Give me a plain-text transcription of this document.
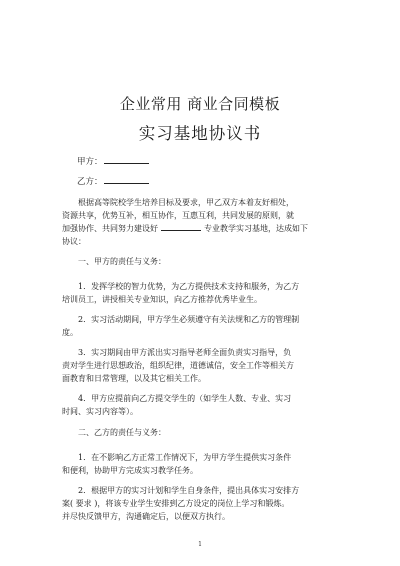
企业常用 商业合同模板
实习基地协议书
甲方：
乙方：
根据高等院校学生培养目标及要求，甲乙双方本着友好相处，
资源共享，优势互补，相互协作，互惠互利，共同发展的原则，就
加强协作、共同努力建设好	专业教学实习基地，达成如下
协议：
一、甲方的责任与义务：
1．发挥学校的智力优势，为乙方提供技术支持和服务，为乙方
培训员工，讲授相关专业知识，向乙方推荐优秀毕业生。
2．实习活动期间，甲方学生必须遵守有关法规和乙方的管理制
度。
3．实习期间由甲方派出实习指导老师全面负责实习指导，负
责对学生进行思想政治，组织纪律，道德诚信，安全工作等相关方
面教育和日常管理，以及其它相关工作。
4．甲方应提前向乙方提交学生的（如学生人数、专业、实习
时间、实习内容等）。
二、乙方的责任与义务：
1．在不影响乙方正常工作情况下，为甲方学生提供实习条件
和便利，协助甲方完成实习教学任务。
2．根据甲方的实习计划和学生自身条件，提出具体实习安排方
案( 要求 )，将该专业学生安排到乙方设定的岗位上学习和锻炼。
并尽快反馈甲方，沟通确定后，以便双方执行。
1
